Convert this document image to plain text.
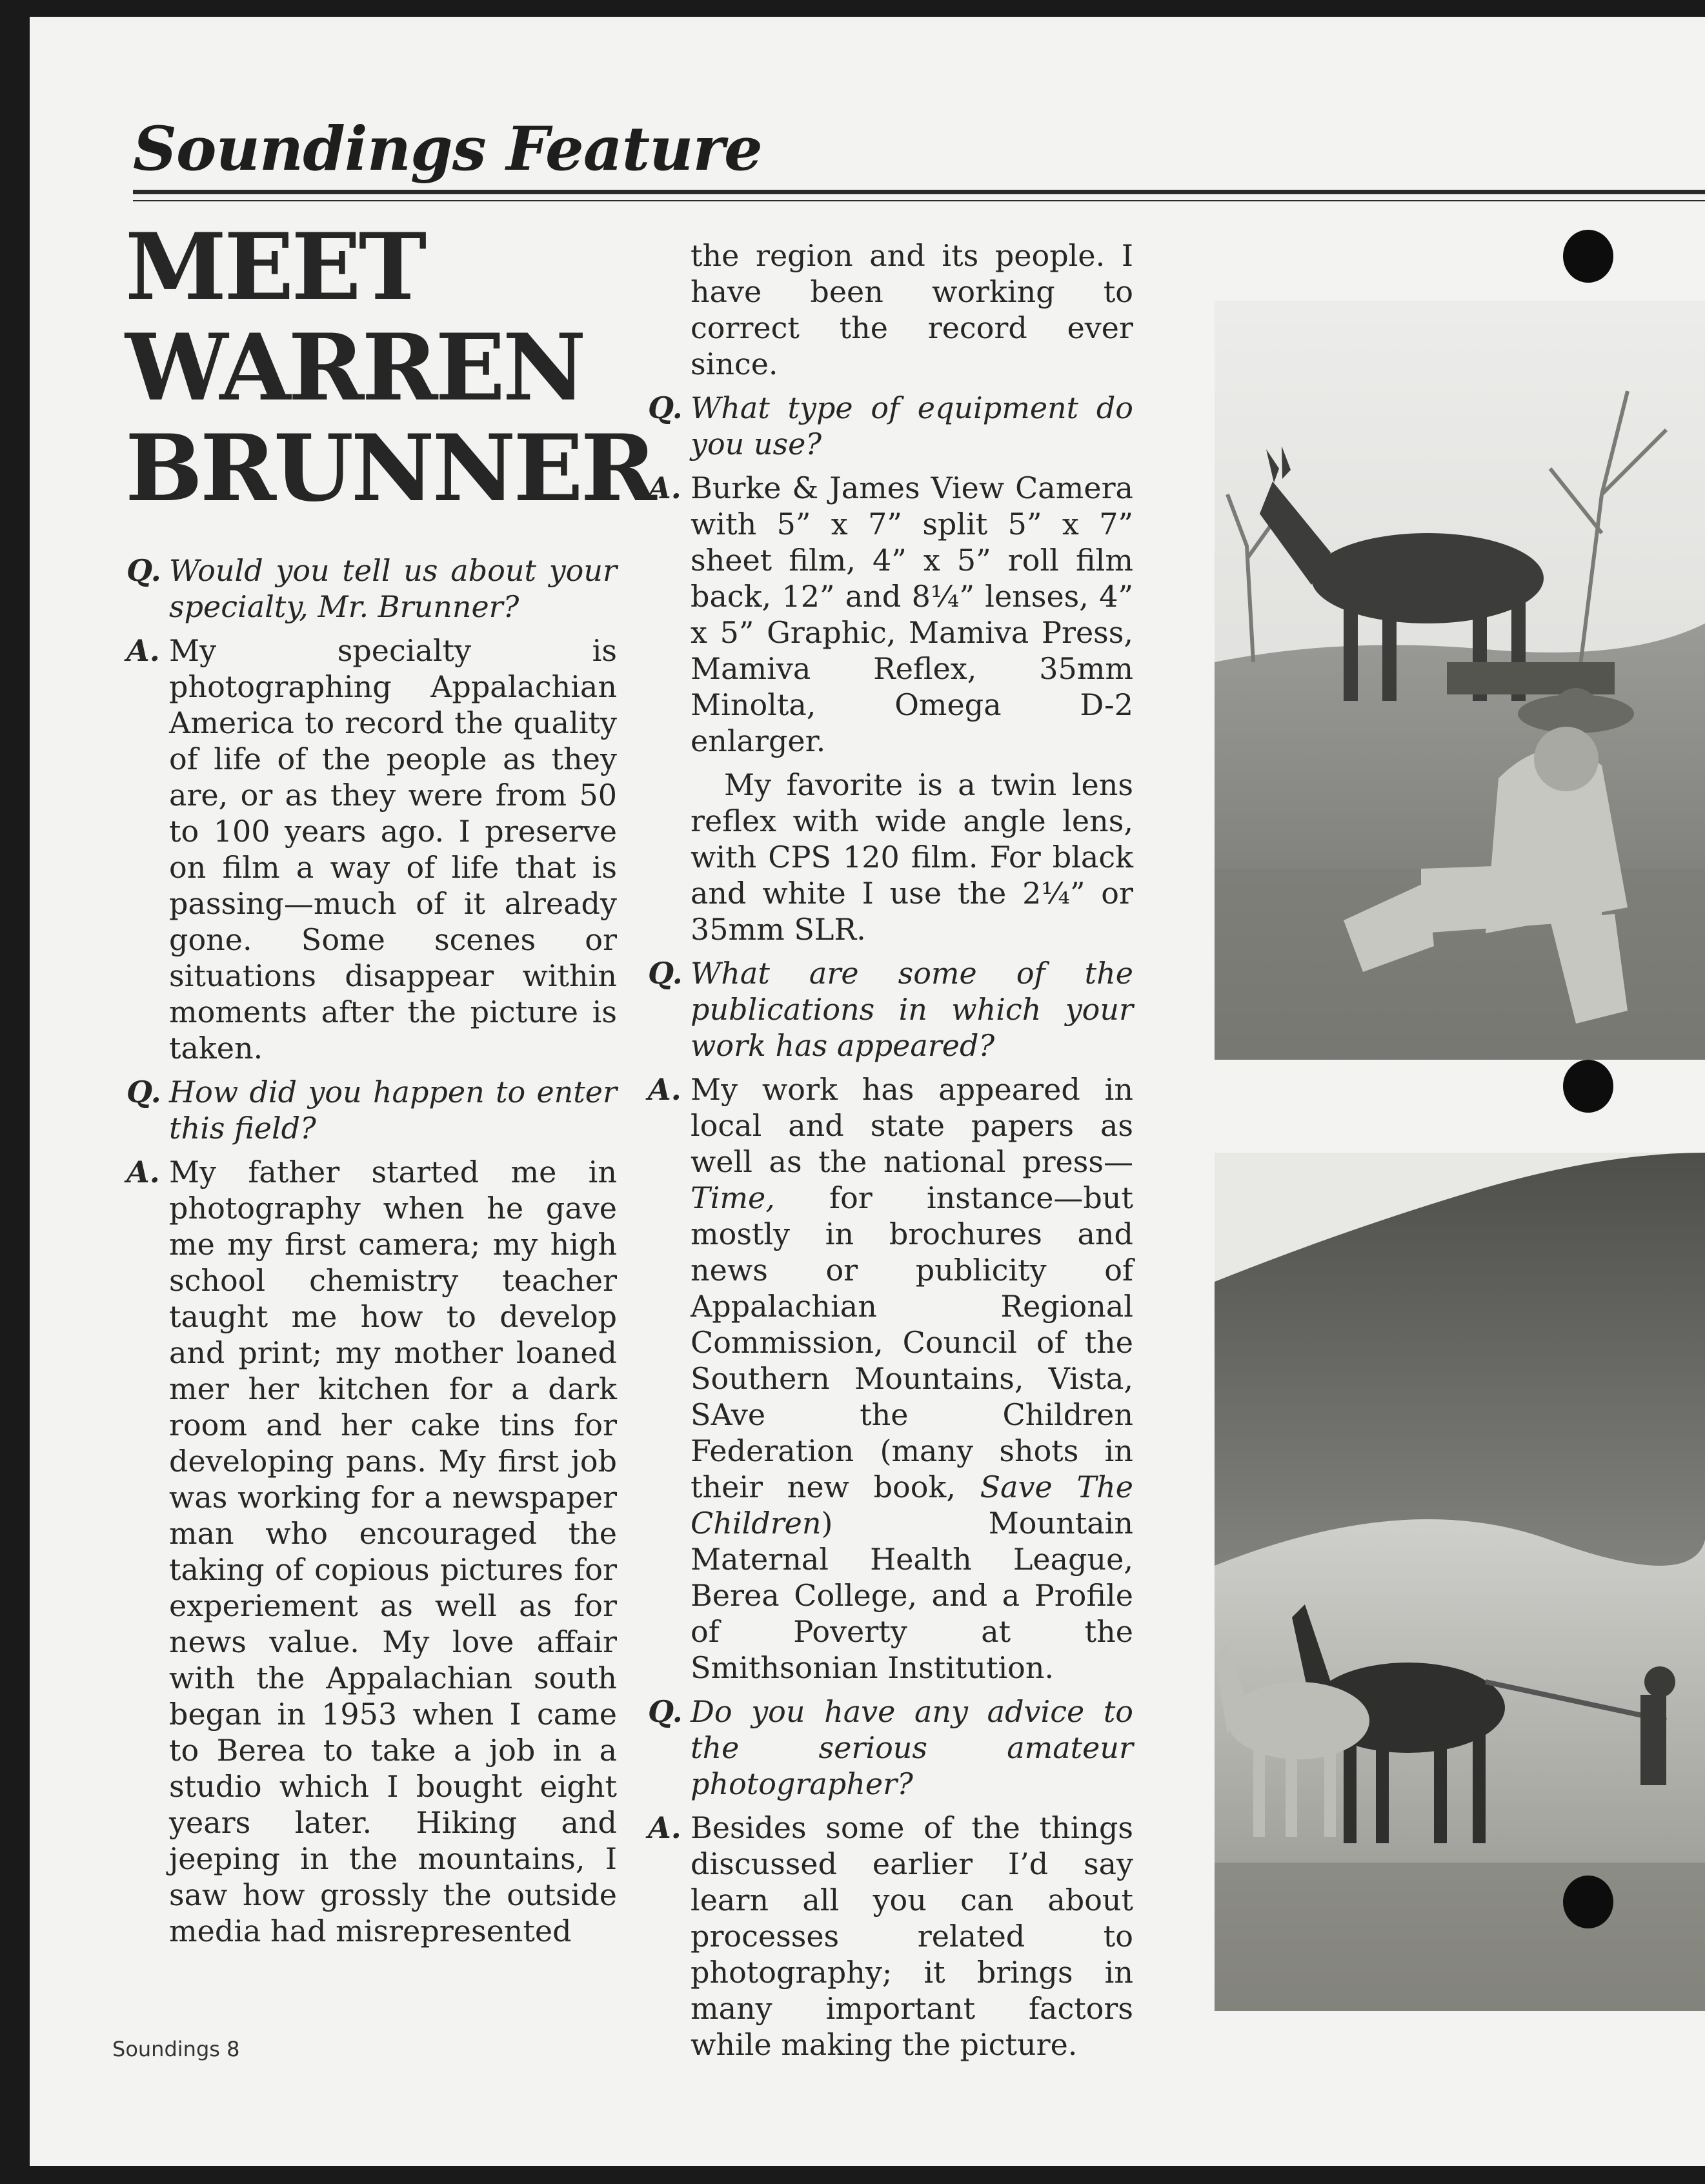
Soundings Feature
MEET
WARREN
BRUNNER
Q. Would you tell us about your specialty, Mr. Brunner?
A. My specialty is photographing Appalachian America to record the quality of life of the people as they are, or as they were from 50 to 100 years ago. I preserve on film a way of life that is passing—much of it already gone. Some scenes or situations disappear within moments after the picture is taken.
Q. How did you happen to enter this field?
A. My father started me in photography when he gave me my first camera; my high school chemistry teacher taught me how to develop and print; my mother loaned mer her kitchen for a dark room and her cake tins for developing pans. My first job was working for a newspaper man who encouraged the taking of copious pictures for experiement as well as for news value. My love affair with the Appalachian south began in 1953 when I came to Berea to take a job in a studio which I bought eight years later. Hiking and jeeping in the mountains, I saw how grossly the outside media had misrepresented
the region and its people. I have been working to correct the record ever since.
Q. What type of equipment do you use?
A. Burke & James View Camera with 5” x 7” split 5” x 7” sheet film, 4” x 5” roll film back, 12” and 8¼” lenses, 4” x 5” Graphic, Mamiva Press, Mamiva Reflex, 35mm Minolta, Omega D-2 enlarger.
My favorite is a twin lens reflex with wide angle lens, with CPS 120 film. For black and white I use the 2¼” or 35mm SLR.
Q. What are some of the publications in which your work has appeared?
A. My work has appeared in local and state papers as well as the national press—Time, for instance—but mostly in brochures and news or publicity of Appalachian Regional Commission, Council of the Southern Mountains, Vista, SAve the Children Federation (many shots in their new book, Save The Children) Mountain Maternal Health League, Berea College, and a Profile of Poverty at the Smithsonian Institution.
Q. Do you have any advice to the serious amateur photographer?
A. Besides some of the things discussed earlier I’d say learn all you can about processes related to photography; it brings in many important factors while making the picture.
Soundings 8
